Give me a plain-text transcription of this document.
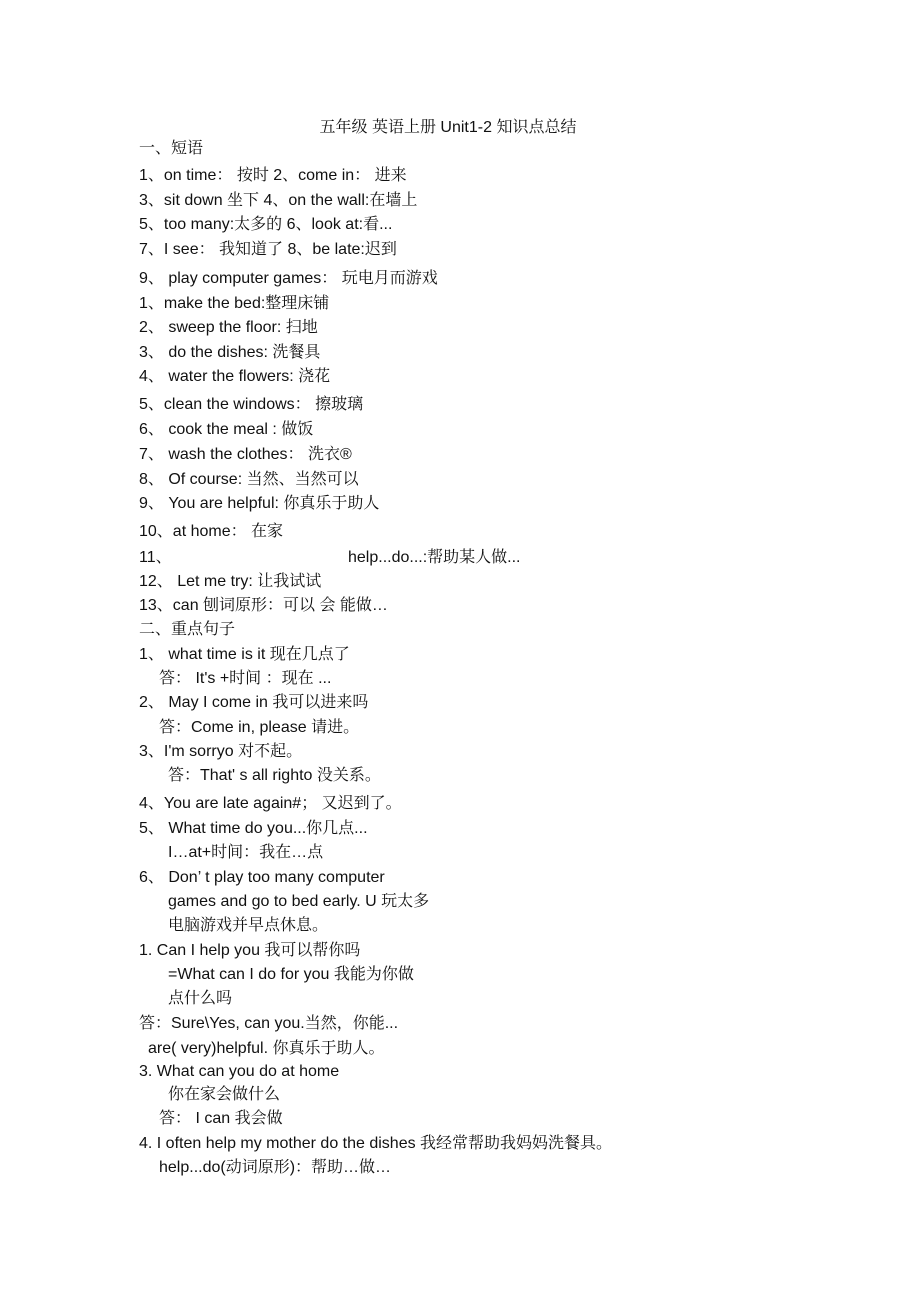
五年级 英语上册 Unit1-2 知识点总结
一、短语
1、on time： 按时 2、come in： 进来
3、sit down 坐下 4、on the wall:在墙上
5、too many:太多的 6、look at:看...
7、I see： 我知道了 8、be late:迟到
9、 play computer games： 玩电月而游戏
1、make the bed:整理床铺
2、 sweep the floor: 扫地
3、 do the dishes: 洗餐具
4、 water the flowers: 浇花
5、clean the windows： 擦玻璃
6、 cook the meal : 做饭
7、 wash the clothes： 洗衣®
8、 Of course: 当然、当然可以
9、 You are helpful: 你真乐于助人
10、at home： 在家
11、	help...do...:帮助某人做...
12、 Let me try: 让我试试
13、can 刨词原形：可以 会 能做…
二、重点句子
1、 what time is it 现在几点了
答： It's +时间 ：现在 ...
2、 May I come in 我可以进来吗
答：Come in, please 请进。
3、I'm sorryo 对不起。
答：That' s all righto 没关系。
4、You are late again#； 又迟到了。
5、 What time do you...你几点...
I…at+时间：我在…点
6、 Don’ t play too many computer
games and go to bed early. U 玩太多
电脑游戏并早点休息。
1. Can I help you 我可以帮你吗
=What can I do for you 我能为你做
点什么吗
答：Sure\Yes, can you.当然，你能...
are( very)helpful. 你真乐于助人。
3. What can you do at home
你在家会做什么
答： I can 我会做
4. I often help my mother do the dishes 我经常帮助我妈妈洗餐具。
help...do(动词原形)：帮助…做…
